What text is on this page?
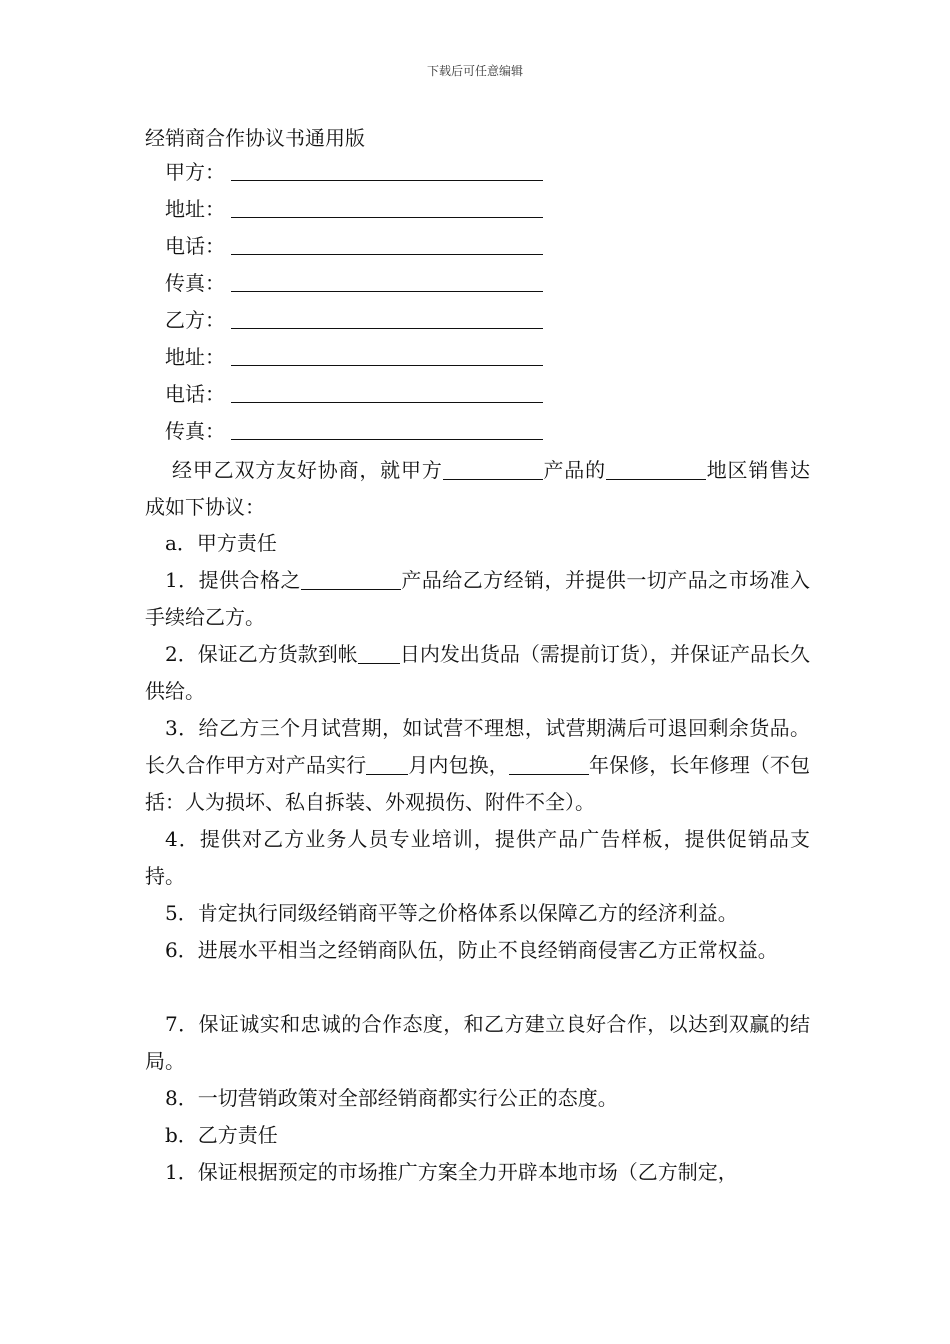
下载后可任意编辑
经销商合作协议书通用版
甲方：
地址：
电话：
传真：
乙方：
地址：
电话：
传真：
经甲乙双方友好协商，就甲方	产品的	地区销售达成如下协议：
a．甲方责任
1．提供合格之	产品给乙方经销，并提供一切产品之市场准入手续给乙方。
2．保证乙方货款到帐 日内发出货品（需提前订货），并保证产品长久供给。
3．给乙方三个月试营期，如试营不理想，试营期满后可退回剩余货品。长久合作甲方对产品实行 月内包换，	年保修，长年修理（不包括：人为损坏、私自拆装、外观损伤、附件不全）。
4．提供对乙方业务人员专业培训，提供产品广告样板，提供促销品支持。
5．肯定执行同级经销商平等之价格体系以保障乙方的经济利益。
6．进展水平相当之经销商队伍，防止不良经销商侵害乙方正常权益。
7．保证诚实和忠诚的合作态度，和乙方建立良好合作，以达到双赢的结局。
8．一切营销政策对全部经销商都实行公正的态度。
b．乙方责任
1．保证根据预定的市场推广方案全力开辟本地市场（乙方制定，
